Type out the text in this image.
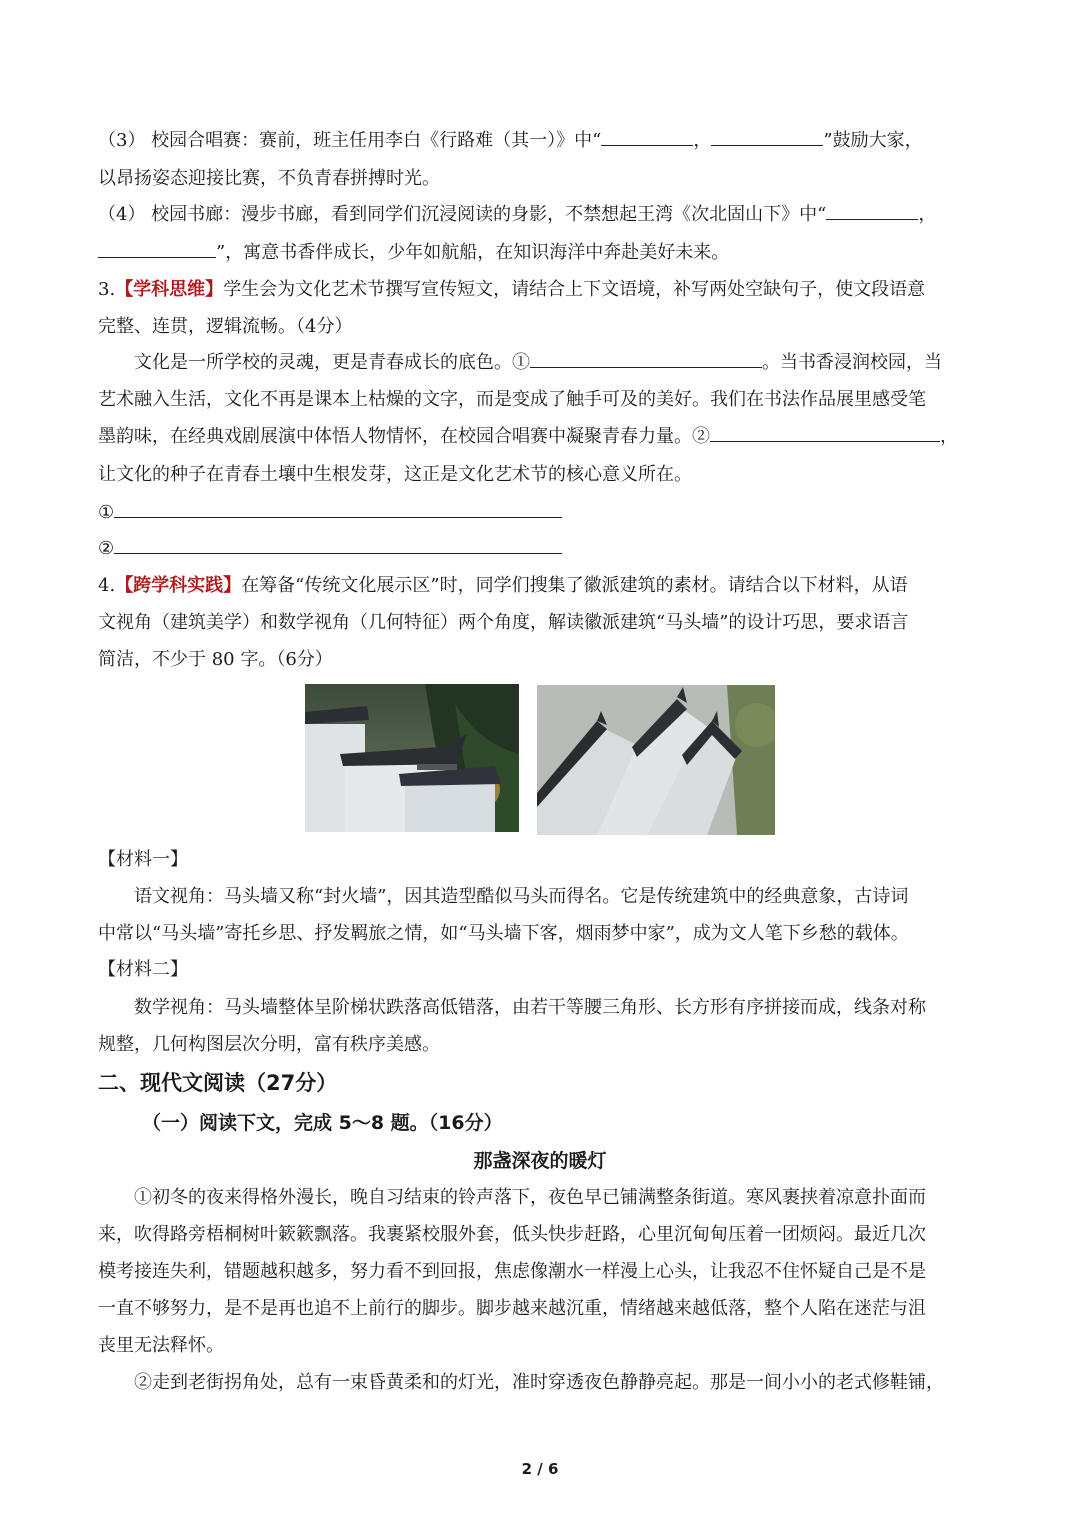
（3） 校园合唱赛：赛前，班主任用李白《行路难（其一）》中“	，	”鼓励大家，
以昂扬姿态迎接比赛，不负青春拼搏时光。
（4） 校园书廊：漫步书廊，看到同学们沉浸阅读的身影，不禁想起王湾《次北固山下》中“	，
”，寓意书香伴成长，少年如航船，在知识海洋中奔赴美好未来。
3.【学科思维】学生会为文化艺术节撰写宣传短文，请结合上下文语境，补写两处空缺句子，使文段语意
完整、连贯，逻辑流畅。（4分）
文化是一所学校的灵魂，更是青春成长的底色。①	。当书香浸润校园，当
艺术融入生活，文化不再是课本上枯燥的文字，而是变成了触手可及的美好。我们在书法作品展里感受笔
墨韵味，在经典戏剧展演中体悟人物情怀，在校园合唱赛中凝聚青春力量。②	，
让文化的种子在青春土壤中生根发芽，这正是文化艺术节的核心意义所在。
①
②
4.【跨学科实践】在筹备“传统文化展示区”时，同学们搜集了徽派建筑的素材。请结合以下材料，从语
文视角（建筑美学）和数学视角（几何特征）两个角度，解读徽派建筑“马头墙”的设计巧思，要求语言
简洁，不少于 80 字。（6分）
【材料一】
语文视角：马头墙又称“封火墙”，因其造型酷似马头而得名。它是传统建筑中的经典意象，古诗词
中常以“马头墙”寄托乡思、抒发羁旅之情，如“马头墙下客，烟雨梦中家”，成为文人笔下乡愁的载体。
【材料二】
数学视角：马头墙整体呈阶梯状跌落高低错落，由若干等腰三角形、长方形有序拼接而成，线条对称
规整，几何构图层次分明，富有秩序美感。
二、现代文阅读（27分）
（一）阅读下文，完成 5～8 题。（16分）
那盏深夜的暖灯
①初冬的夜来得格外漫长，晚自习结束的铃声落下，夜色早已铺满整条街道。寒风裹挟着凉意扑面而
来，吹得路旁梧桐树叶簌簌飘落。我裹紧校服外套，低头快步赶路，心里沉甸甸压着一团烦闷。最近几次
模考接连失利，错题越积越多，努力看不到回报，焦虑像潮水一样漫上心头，让我忍不住怀疑自己是不是
一直不够努力，是不是再也追不上前行的脚步。脚步越来越沉重，情绪越来越低落，整个人陷在迷茫与沮
丧里无法释怀。
②走到老街拐角处，总有一束昏黄柔和的灯光，准时穿透夜色静静亮起。那是一间小小的老式修鞋铺，
2 / 6
